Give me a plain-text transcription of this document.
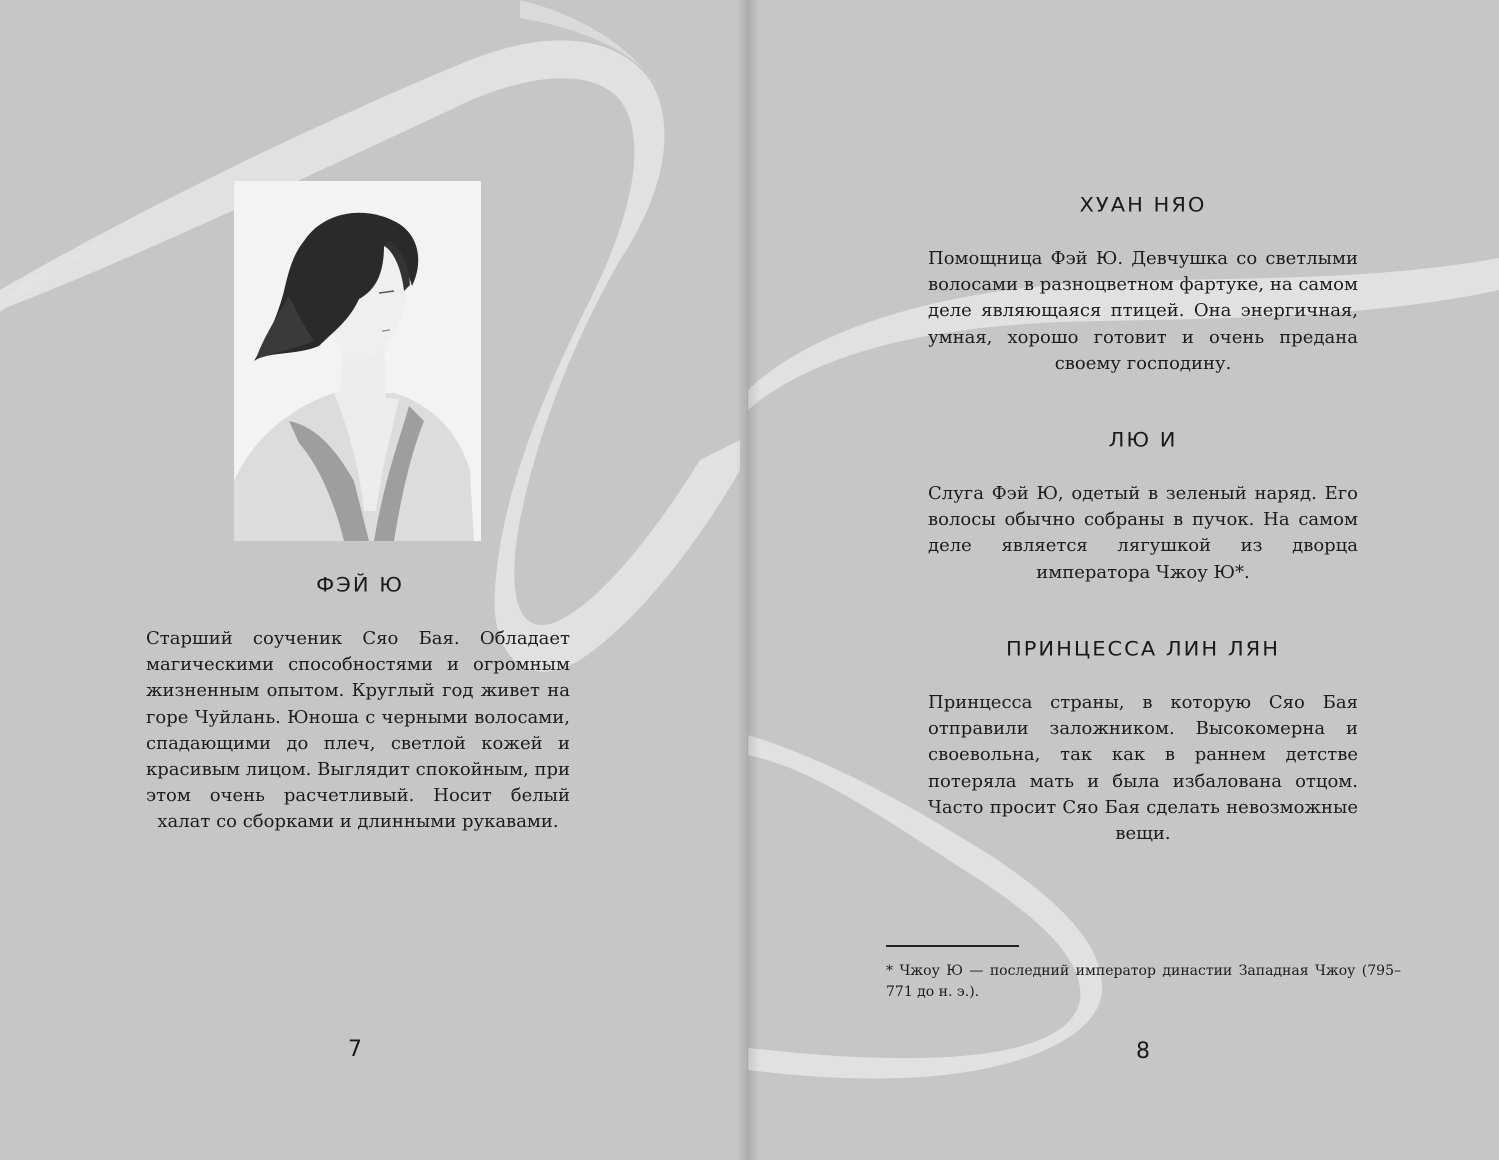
ФЭЙ Ю
Старший соученик Сяо Бая. Обладает магическими способностями и огромным жизненным опытом. Круглый год живет на горе Чуйлань. Юноша с черными волосами, спадающими до плеч, светлой кожей и красивым лицом. Выглядит спокойным, при этом очень расчетливый. Носит белый халат со сборками и длинными рукавами.
7
ХУАН НЯО
Помощница Фэй Ю. Девчушка со светлыми волосами в разноцветном фартуке, на самом деле являющаяся птицей. Она энергичная, умная, хорошо готовит и очень предана своему господину.
ЛЮ И
Слуга Фэй Ю, одетый в зеленый наряд. Его волосы обычно собраны в пучок. На самом деле является лягушкой из дворца императора Чжоу Ю*.
ПРИНЦЕССА ЛИН ЛЯН
Принцесса страны, в которую Сяо Бая отправили заложником. Высокомерна и своевольна, так как в раннем детстве потеряла мать и была избалована отцом. Часто просит Сяо Бая сделать невозможные вещи.
* Чжоу Ю — последний император династии Западная Чжоу (795–771 до н. э.).
8
